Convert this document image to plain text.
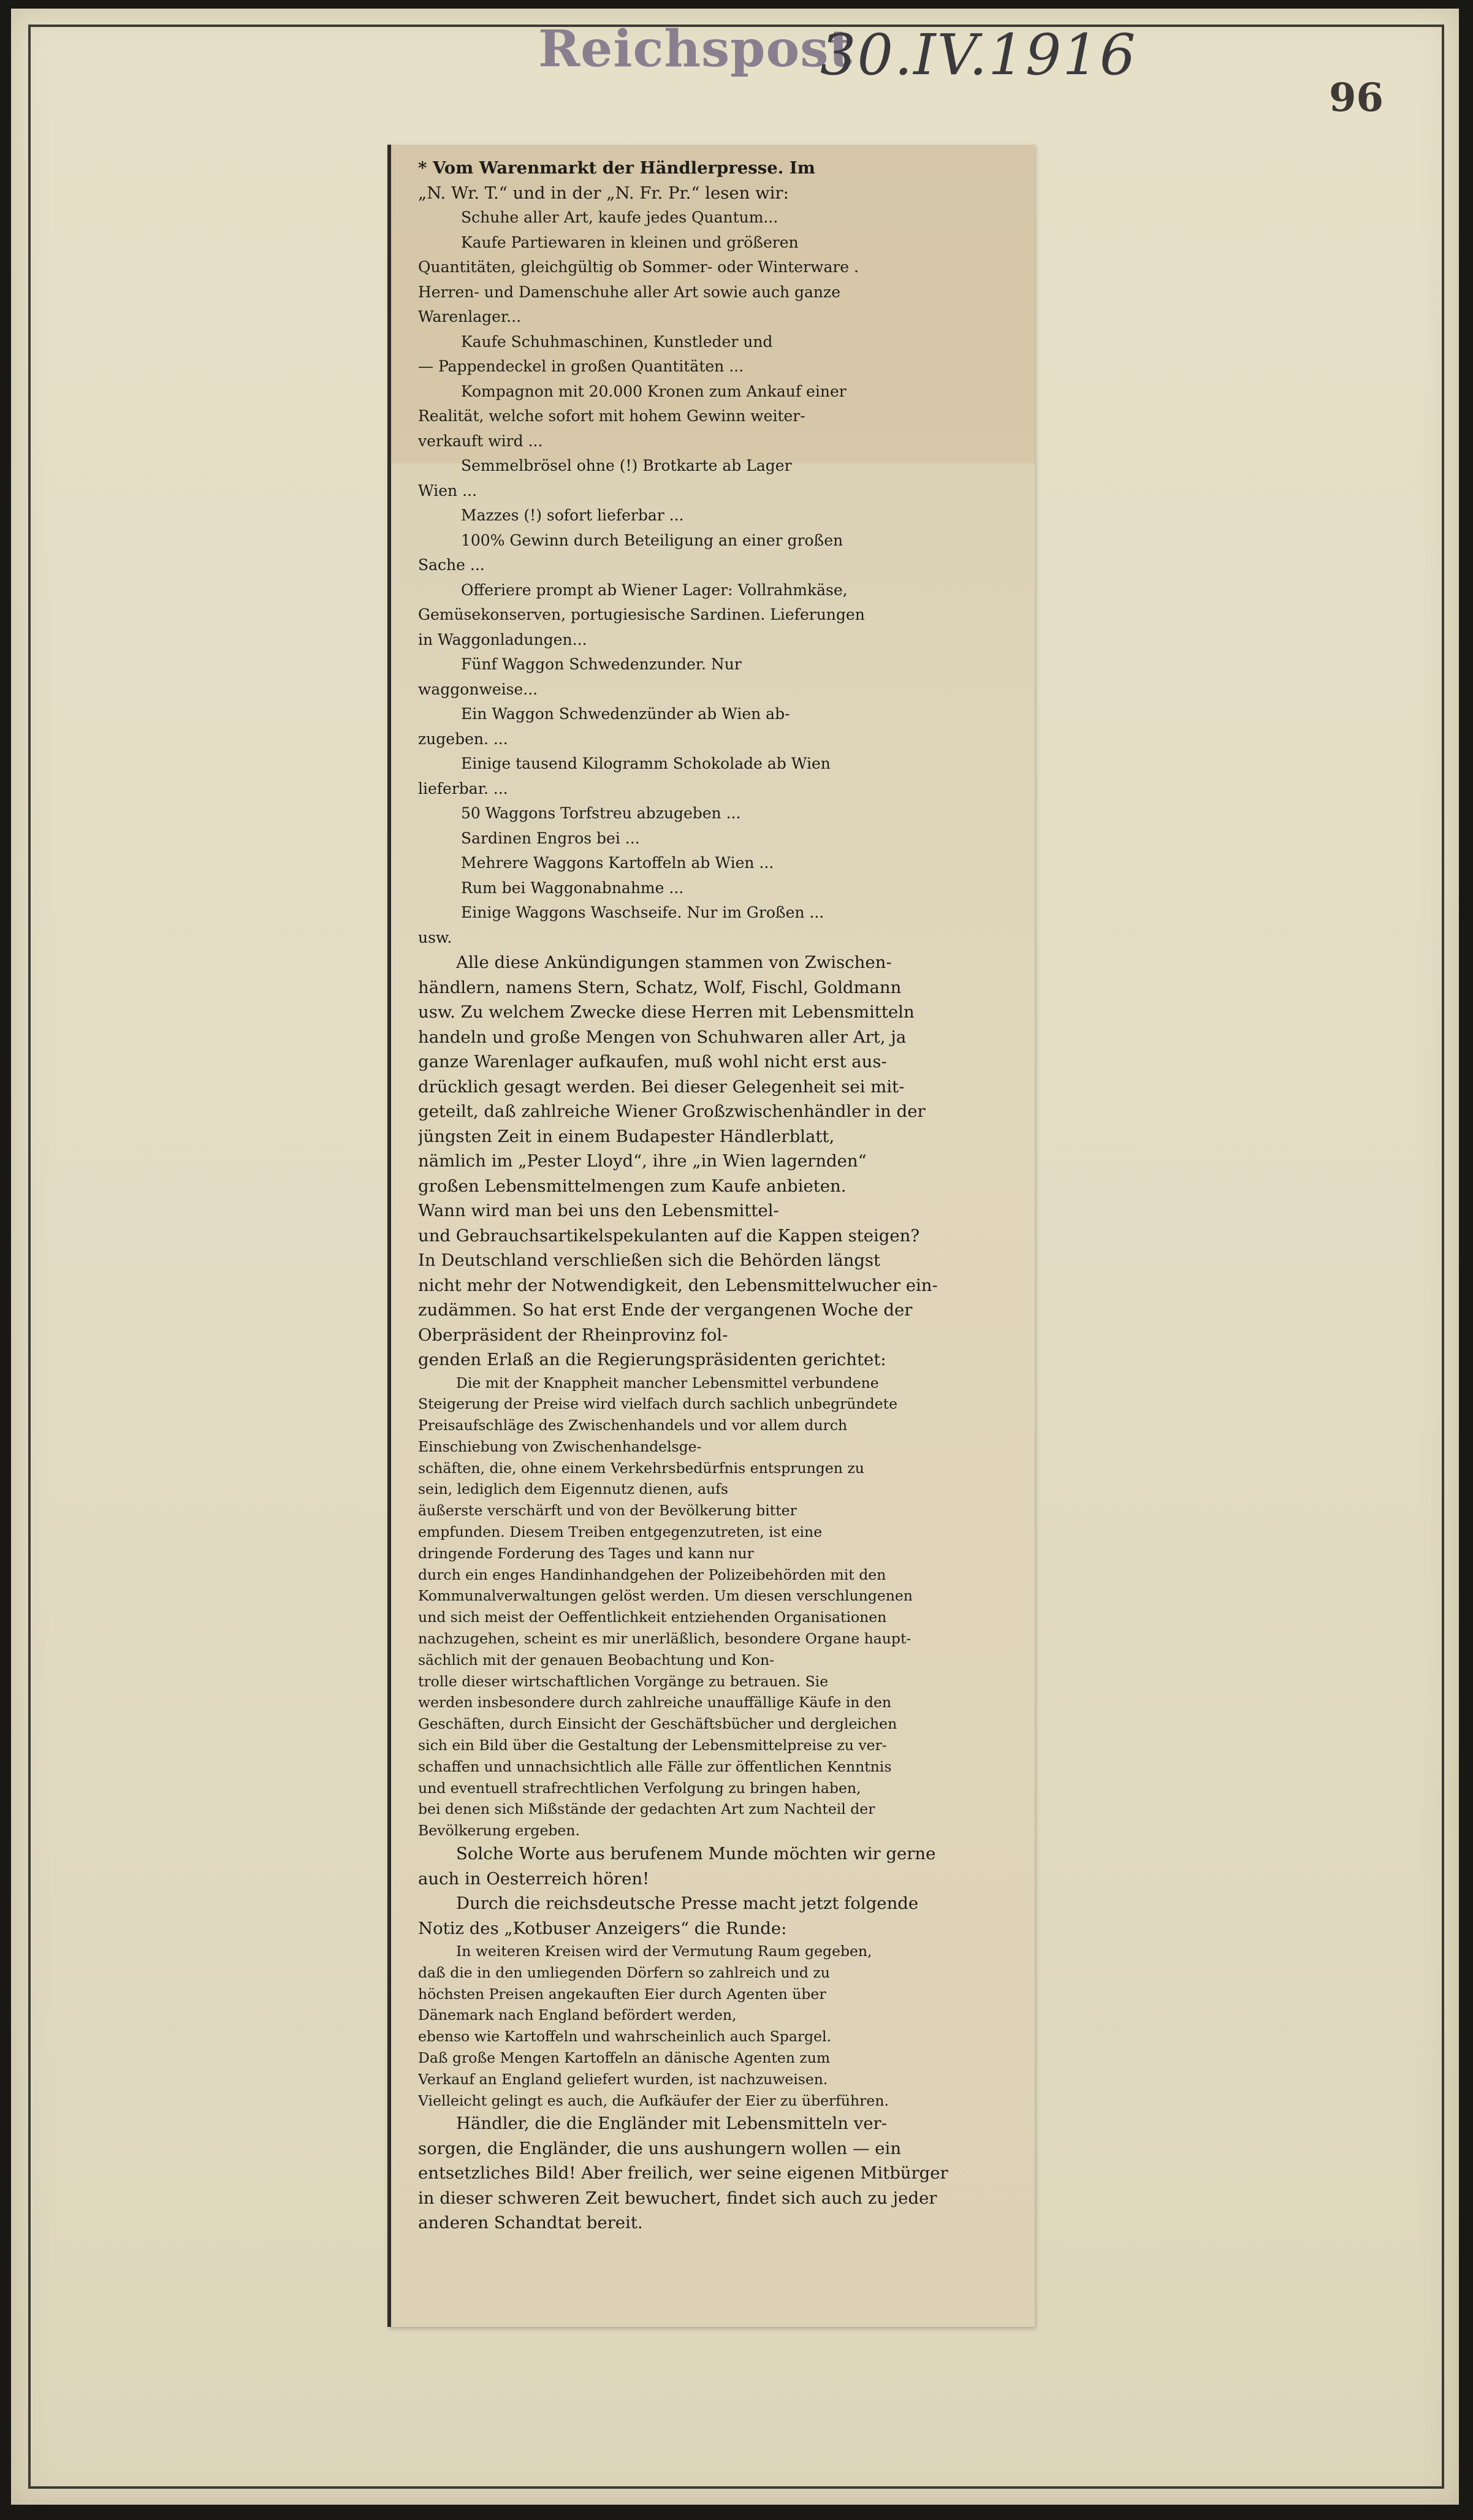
Reichspost
30.IV.1916
96

* Vom Warenmarkt der Händlerpresse. Im

„N. Wr. T.“ und in der „N. Fr. Pr.“ lesen wir:

Schuhe aller Art, kaufe jedes Quantum...

Kaufe Partiewaren in kleinen und größeren

Quantitäten, gleichgültig ob Sommer- oder Winterware .

Herren- und Damenschuhe aller Art sowie auch ganze

Warenlager...

Kaufe Schuhmaschinen, Kunstleder und

— Pappendeckel in großen Quantitäten ...

Kompagnon mit 20.000 Kronen zum Ankauf einer

Realität, welche sofort mit hohem Gewinn weiter-

verkauft wird ...

Semmelbrösel ohne (!) Brotkarte ab Lager

Wien ...

Mazzes (!) sofort lieferbar ...

100% Gewinn durch Beteiligung an einer großen

Sache ...

Offeriere prompt ab Wiener Lager: Vollrahmkäse,

Gemüsekonserven, portugiesische Sardinen. Lieferungen

in Waggonladungen...

Fünf Waggon Schwedenzunder. Nur

waggonweise...

Ein Waggon Schwedenzünder ab Wien ab-

zugeben. ...

Einige tausend Kilogramm Schokolade ab Wien

lieferbar. ...

50 Waggons Torfstreu abzugeben ...

Sardinen Engros bei ...

Mehrere Waggons Kartoffeln ab Wien ...

Rum bei Waggonabnahme ...

Einige Waggons Waschseife. Nur im Großen ...

usw.

Alle diese Ankündigungen stammen von Zwischen-

händlern, namens Stern, Schatz, Wolf, Fischl, Goldmann

usw. Zu welchem Zwecke diese Herren mit Lebensmitteln

handeln und große Mengen von Schuhwaren aller Art, ja

ganze Warenlager aufkaufen, muß wohl nicht erst aus-

drücklich gesagt werden. Bei dieser Gelegenheit sei mit-

geteilt, daß zahlreiche Wiener Großzwischenhändler in der

jüngsten Zeit in einem Budapester Händlerblatt,

nämlich im „Pester Lloyd“, ihre „in Wien lagernden“

großen Lebensmittelmengen zum Kaufe anbieten.

Wann wird man bei uns den Lebensmittel-

und Gebrauchsartikelspekulanten auf die Kappen steigen?

In Deutschland verschließen sich die Behörden längst

nicht mehr der Notwendigkeit, den Lebensmittelwucher ein-

zudämmen. So hat erst Ende der vergangenen Woche der

Oberpräsident der Rheinprovinz fol-

genden Erlaß an die Regierungspräsidenten gerichtet:

Die mit der Knappheit mancher Lebensmittel verbundene

Steigerung der Preise wird vielfach durch sachlich unbegründete

Preisaufschläge des Zwischenhandels und vor allem durch

Einschiebung von Zwischenhandelsge-

schäften, die, ohne einem Verkehrsbedürfnis entsprungen zu

sein, lediglich dem Eigennutz dienen, aufs

äußerste verschärft und von der Bevölkerung bitter

empfunden. Diesem Treiben entgegenzutreten, ist eine

dringende Forderung des Tages und kann nur

durch ein enges Handinhandgehen der Polizeibehörden mit den

Kommunalverwaltungen gelöst werden. Um diesen verschlungenen

und sich meist der Oeffentlichkeit entziehenden Organisationen

nachzugehen, scheint es mir unerläßlich, besondere Organe haupt-

sächlich mit der genauen Beobachtung und Kon-

trolle dieser wirtschaftlichen Vorgänge zu betrauen. Sie

werden insbesondere durch zahlreiche unauffällige Käufe in den

Geschäften, durch Einsicht der Geschäftsbücher und dergleichen

sich ein Bild über die Gestaltung der Lebensmittelpreise zu ver-

schaffen und unnachsichtlich alle Fälle zur öffentlichen Kenntnis

und eventuell strafrechtlichen Verfolgung zu bringen haben,

bei denen sich Mißstände der gedachten Art zum Nachteil der

Bevölkerung ergeben.

Solche Worte aus berufenem Munde möchten wir gerne

auch in Oesterreich hören!

Durch die reichsdeutsche Presse macht jetzt folgende

Notiz des „Kotbuser Anzeigers“ die Runde:

In weiteren Kreisen wird der Vermutung Raum gegeben,

daß die in den umliegenden Dörfern so zahlreich und zu

höchsten Preisen angekauften Eier durch Agenten über

Dänemark nach England befördert werden,

ebenso wie Kartoffeln und wahrscheinlich auch Spargel.

Daß große Mengen Kartoffeln an dänische Agenten zum

Verkauf an England geliefert wurden, ist nachzuweisen.

Vielleicht gelingt es auch, die Aufkäufer der Eier zu überführen.

Händler, die die Engländer mit Lebensmitteln ver-

sorgen, die Engländer, die uns aushungern wollen — ein

entsetzliches Bild! Aber freilich, wer seine eigenen Mitbürger

in dieser schweren Zeit bewuchert, findet sich auch zu jeder

anderen Schandtat bereit.
